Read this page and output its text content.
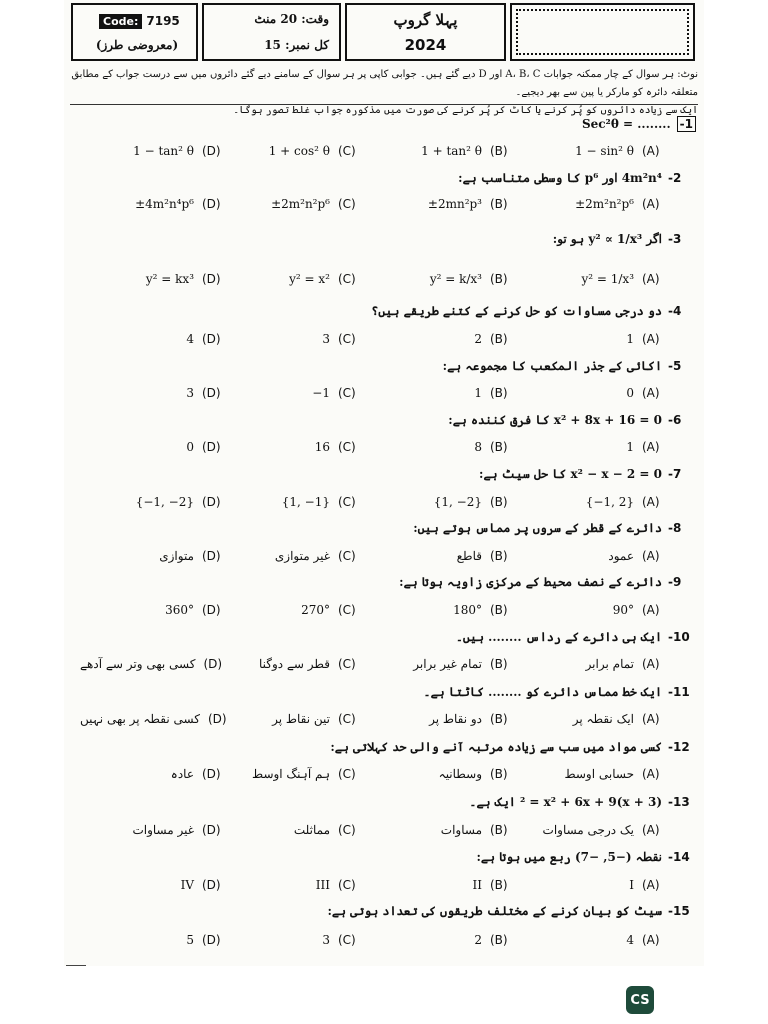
Code: 7195
(معروضی طرز)
وقت: 20 منٹ
کل نمبر: 15
پہلا گروپ
2024
نوٹ: ہر سوال کے چار ممکنہ جوابات A، B، C اور D دیے گئے ہیں۔ جوابی کاپی پر ہر سوال کے سامنے دیے گئے دائروں میں سے درست جواب کے مطابق متعلقہ دائرہ کو مارکر یا پین سے بھر دیجیے۔
ایک سے زیادہ دائروں کو پُر کرنے یا کاٹ کر پُر کرنے کی صورت میں مذکورہ جواب غلط تصور ہوگا۔
-1
Sec²θ = ........
1 − sin² θ (A)
1 + tan² θ (B)
1 + cos² θ (C)
1 − tan² θ (D)
-2
4m²n⁴ اور p⁶ کا وسطی متناسب ہے:
±2m²n²p⁶ (A)
±2mn²p³ (B)
±2m²n²p⁶ (C)
±4m²n⁴p⁶ (D)
-3
اگر y² ∝ 1/x³ ہو تو:
y² = 1/x³ (A)
y² = k/x³ (B)
y² = x² (C)
y² = kx³ (D)
-4
دو درجی مساوات کو حل کرنے کے کتنے طریقے ہیں؟
1 (A)
2 (B)
3 (C)
4 (D)
-5
اکائی کے جذر المکعب کا مجموعہ ہے:
0 (A)
1 (B)
−1 (C)
3 (D)
-6
x² + 8x + 16 = 0 کا فرق کنندہ ہے:
1 (A)
8 (B)
16 (C)
0 (D)
-7
x² − x − 2 = 0 کا حل سیٹ ہے:
{−1, 2} (A)
{1, −2} (B)
{1, −1} (C)
{−1, −2} (D)
-8
دائرے کے قطر کے سروں پر مماس ہوتے ہیں:
عمود (A)
قاطع (B)
غیر متوازی (C)
متوازی (D)
-9
دائرے کے نصف محیط کے مرکزی زاویہ ہوتا ہے:
90° (A)
180° (B)
270° (C)
360° (D)
-10
ایک ہی دائرے کے رداس ........ ہیں۔
تمام برابر (A)
تمام غیر برابر (B)
قطر سے دوگنا (C)
کسی بھی وتر سے آدھے (D)
-11
ایک خط مماس دائرے کو ........ کاٹتا ہے۔
ایک نقطہ پر (A)
دو نقاط پر (B)
تین نقاط پر (C)
کسی نقطہ پر بھی نہیں (D)
-12
کسی مواد میں سب سے زیادہ مرتبہ آنے والی حد کہلاتی ہے:
حسابی اوسط (A)
وسطانیہ (B)
ہم آہنگ اوسط (C)
عادہ (D)
-13
(x + 3)² = x² + 6x + 9 ایک ہے۔
یک درجی مساوات (A)
مساوات (B)
مماثلت (C)
غیر مساوات (D)
-14
نقطہ (−5, −7) ربع میں ہوتا ہے:
I (A)
II (B)
III (C)
IV (D)
-15
سیٹ کو بیان کرنے کے مختلف طریقوں کی تعداد ہوتی ہے:
4 (A)
2 (B)
3 (C)
5 (D)
CS
